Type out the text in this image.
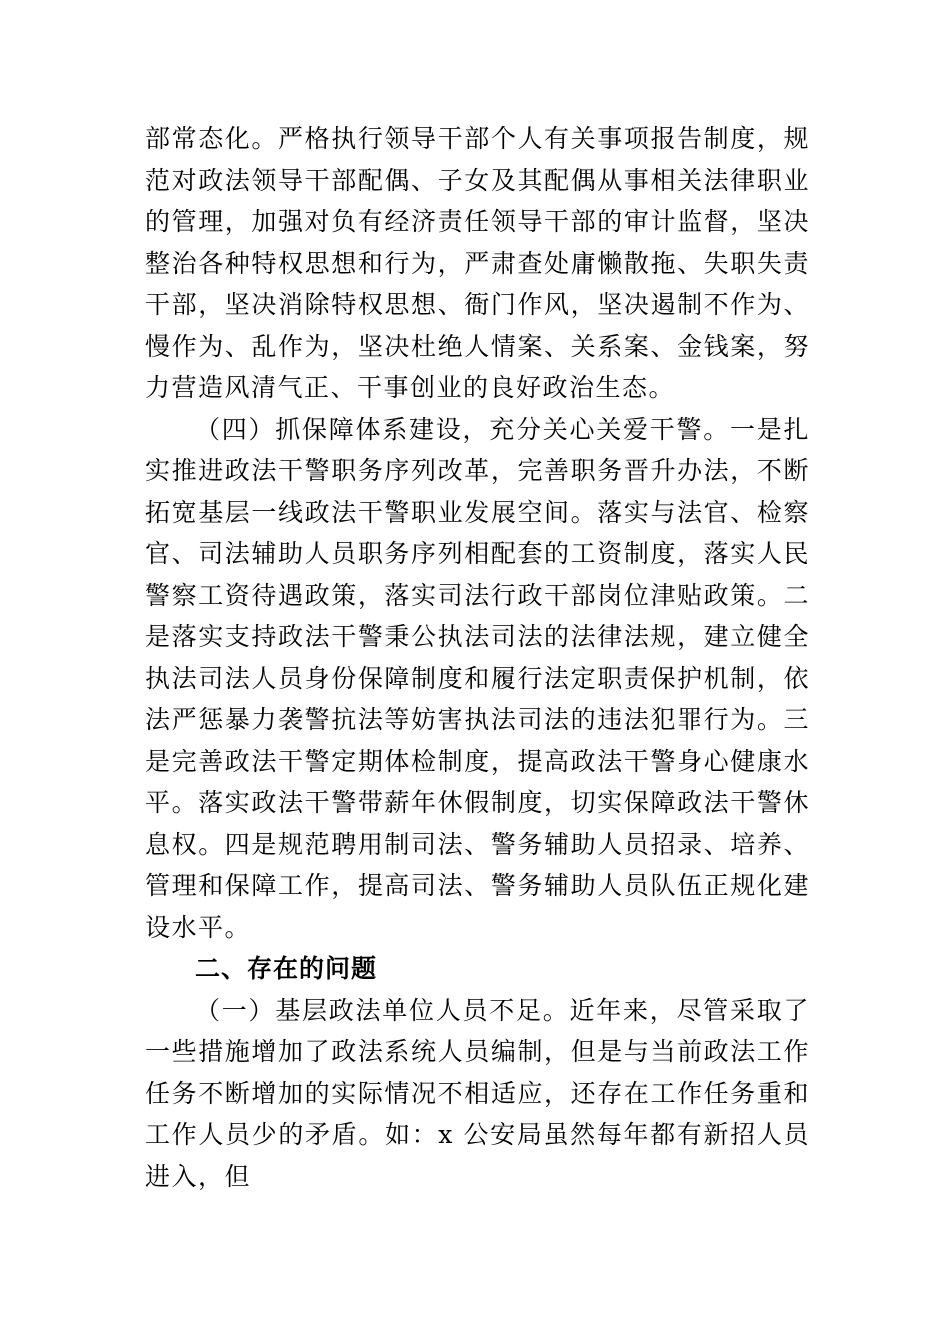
部常态化。严格执行领导干部个人有关事项报告制度，规范对政法领导干部配偶、子女及其配偶从事相关法律职业的管理，加强对负有经济责任领导干部的审计监督，坚决整治各种特权思想和行为，严肃查处庸懒散拖、失职失责干部，坚决消除特权思想、衙门作风，坚决遏制不作为、慢作为、乱作为，坚决杜绝人情案、关系案、金钱案，努力营造风清气正、干事创业的良好政治生态。

（四）抓保障体系建设，充分关心关爱干警。一是扎实推进政法干警职务序列改革，完善职务晋升办法，不断拓宽基层一线政法干警职业发展空间。落实与法官、检察官、司法辅助人员职务序列相配套的工资制度，落实人民警察工资待遇政策，落实司法行政干部岗位津贴政策。二是落实支持政法干警秉公执法司法的法律法规，建立健全执法司法人员身份保障制度和履行法定职责保护机制，依法严惩暴力袭警抗法等妨害执法司法的违法犯罪行为。三是完善政法干警定期体检制度，提高政法干警身心健康水平。落实政法干警带薪年休假制度，切实保障政法干警休息权。四是规范聘用制司法、警务辅助人员招录、培养、管理和保障工作，提高司法、警务辅助人员队伍正规化建设水平。

二、存在的问题

（一）基层政法单位人员不足。近年来，尽管采取了一些措施增加了政法系统人员编制，但是与当前政法工作任务不断增加的实际情况不相适应，还存在工作任务重和工作人员少的矛盾。如：x 公安局虽然每年都有新招人员进入，但
